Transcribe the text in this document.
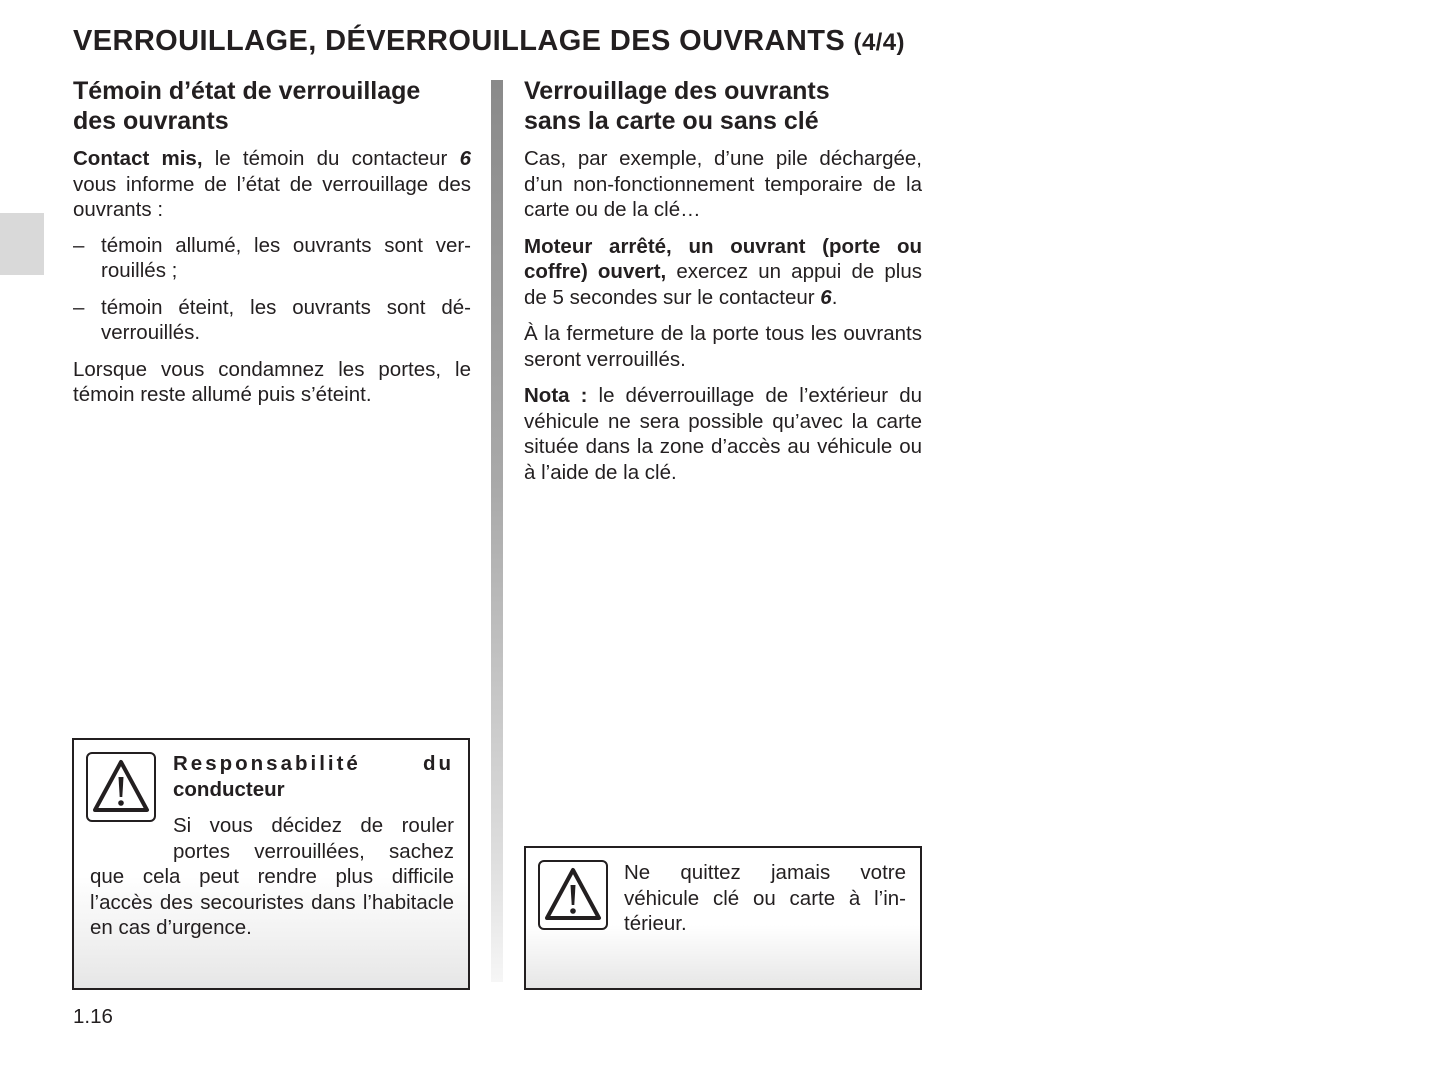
VERROUILLAGE, DÉVERROUILLAGE DES OUVRANTS (4/4)
Témoin d’état de verrouillage
des ouvrants

Contact mis, le témoin du contacteur 6 vous informe de l’état de verrouillage des ouvrants :

– témoin allumé, les ouvrants sont verrouillés ;

– témoin éteint, les ouvrants sont déverrouillés.

Lorsque vous condamnez les portes, le témoin reste allumé puis s’éteint.

Responsabilité	du
conducteur

Si vous décidez de rouler

portes verrouillées, sachez

que cela peut rendre plus difficile l’accès des secouristes dans l’habitacle en cas d’urgence.

Verrouillage des ouvrants
sans la carte ou sans clé

Cas, par exemple, d’une pile déchargée, d’un non-fonctionnement temporaire de la carte ou de la clé…

Moteur arrêté, un ouvrant (porte ou coffre) ouvert, exercez un appui de plus de 5 secondes sur le contacteur 6.

À la fermeture de la porte tous les ouvrants seront verrouillés.

Nota : le déverrouillage de l’extérieur du véhicule ne sera possible qu’avec la carte située dans la zone d’accès au véhicule ou à l’aide de la clé.

Ne quittez jamais votre véhicule clé ou carte à l’intérieur.

1.16
